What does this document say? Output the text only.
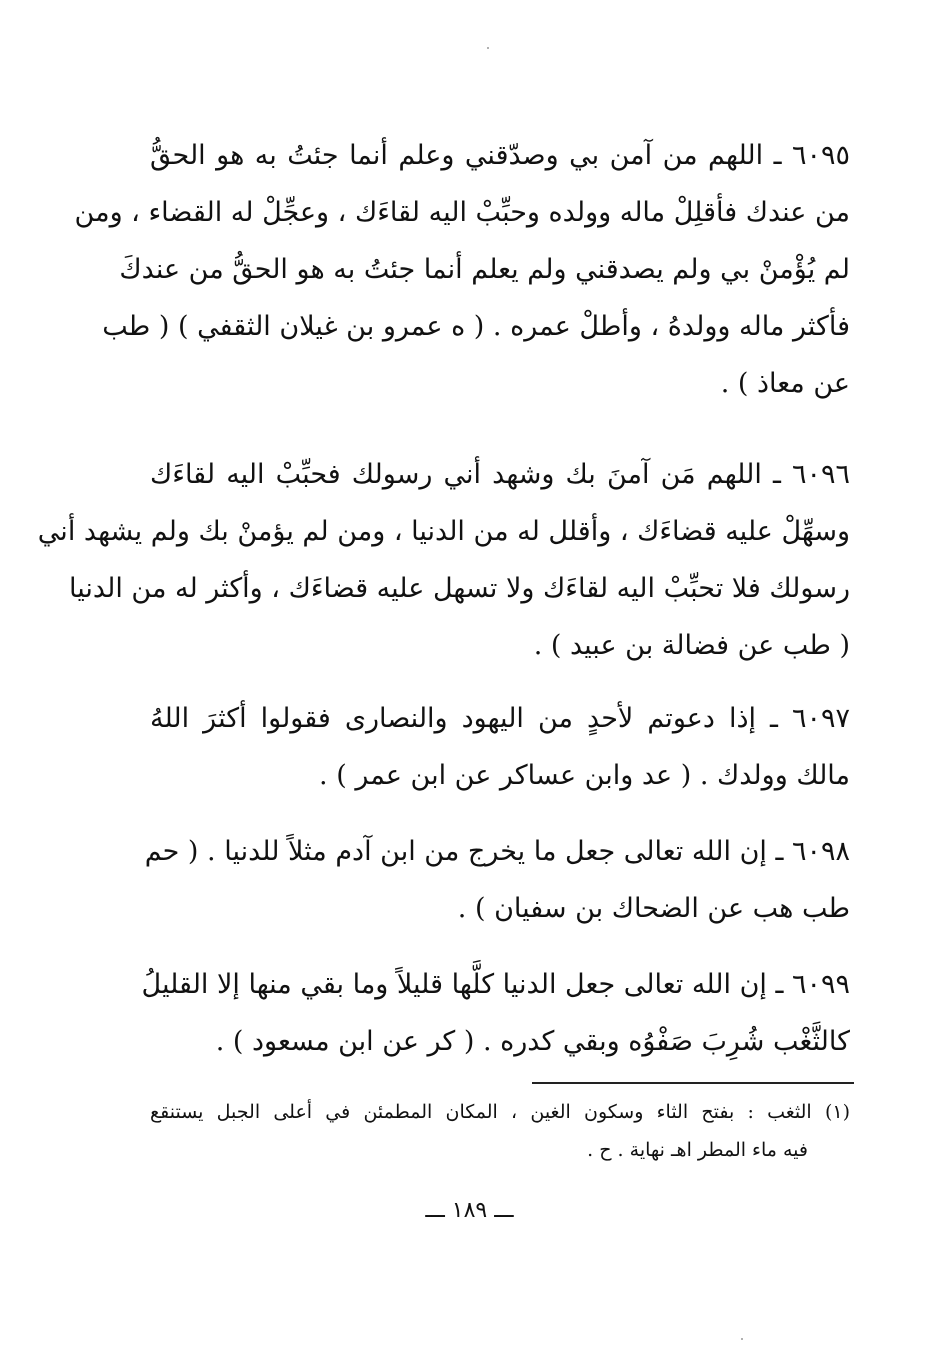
٦٠٩٥ ـ اللهم من آمن بي وصدّقني وعلم أنما جئتُ به هو الحقُّ
من عندك فأقلِلْ ماله وولده وحبِّبْ اليه لقاءَك ، وعجِّلْ له القضاء ، ومن
لم يُؤْمنْ بي ولم يصدقني ولم يعلم أنما جئتُ به هو الحقُّ من عندكَ
فأكثر ماله وولدهُ ، وأطلْ عمره . ( ه عمرو بن غيلان الثقفي ) ( طب
عن معاذ ) .
٦٠٩٦ ـ اللهم مَن آمنَ بك وشهد أني رسولك فحبِّبْ اليه لقاءَك
وسهِّلْ عليه قضاءَك ، وأقلل له من الدنيا ، ومن لم يؤمنْ بك ولم يشهد أني
رسولك فلا تحبِّبْ اليه لقاءَك ولا تسهل عليه قضاءَك ، وأكثر له من الدنيا
( طب عن فضالة بن عبيد ) .
٦٠٩٧ ـ إذا دعوتم لأحدٍ من اليهود والنصارى فقولوا أكثرَ اللهُ
مالك وولدك . ( عد وابن عساكر عن ابن عمر ) .
٦٠٩٨ ـ إن الله تعالى جعل ما يخرج من ابن آدم مثلاً للدنيا . ( حم
طب هب عن الضحاك بن سفيان ) .
٦٠٩٩ ـ إن الله تعالى جعل الدنيا كلَّها قليلاً وما بقي منها إلا القليلُ
كالثَّغْب شُرِبَ صَفْوُه وبقي كدره . ( كر عن ابن مسعود ) .
(١) الثغب : بفتح الثاء وسكون الغين ، المكان المطمئن في أعلى الجبل يستنقع
فيه ماء المطر اهـ نهاية . ح .
ـــ ١٨٩ ـــ
